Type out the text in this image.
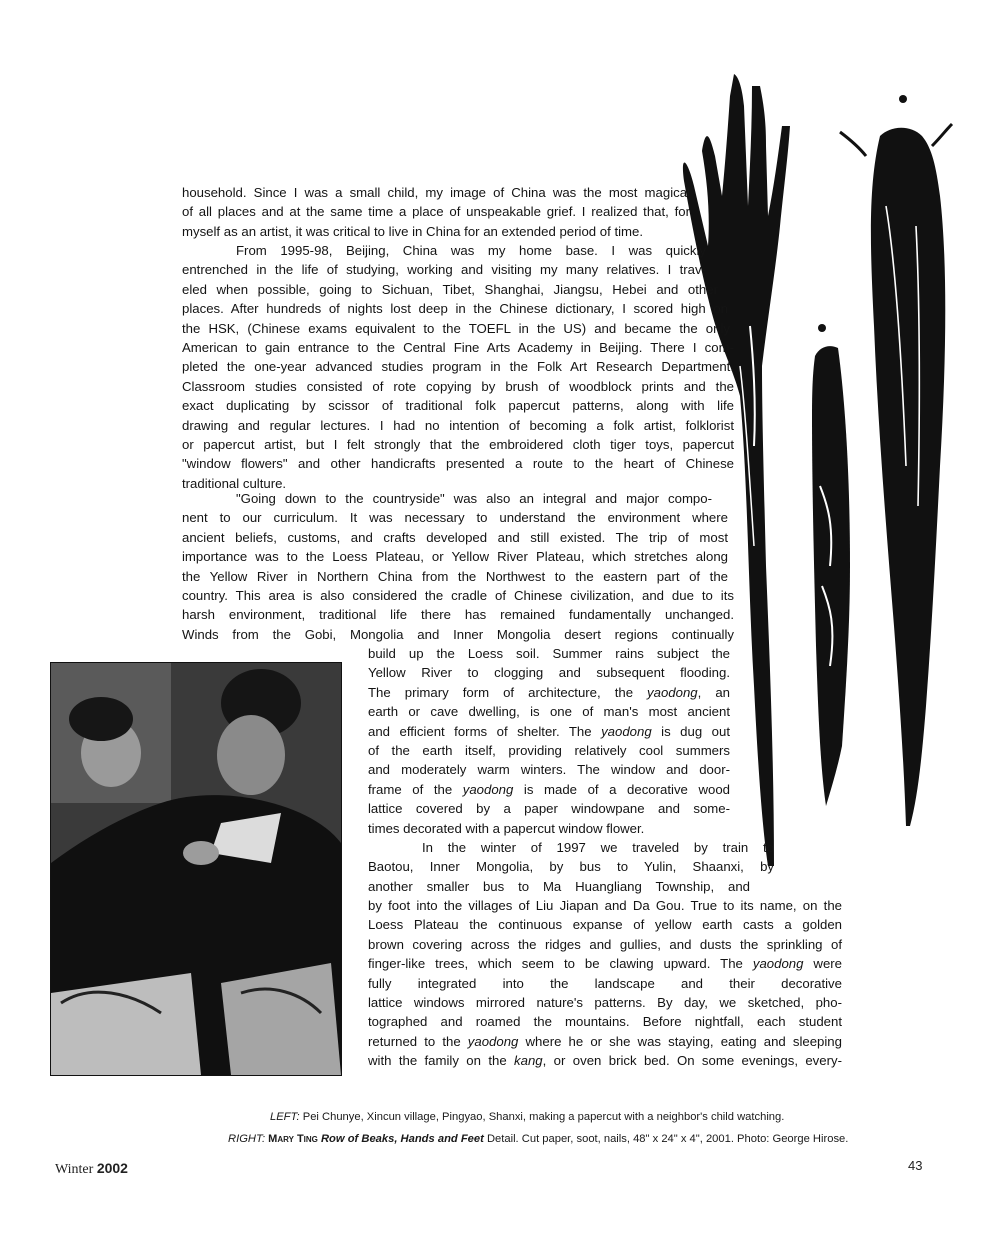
household. Since I was a small child, my image of China was the most magical
of all places and at the same time a place of unspeakable grief. I realized that, for
myself as an artist, it was critical to live in China for an extended period of time.

From 1995-98, Beijing, China was my home base. I was quickly
entrenched in the life of studying, working and visiting my many relatives. I trav-
eled when possible, going to Sichuan, Tibet, Shanghai, Jiangsu, Hebei and other
places. After hundreds of nights lost deep in the Chinese dictionary, I scored high on
the HSK, (Chinese exams equivalent to the TOEFL in the US) and became the only
American to gain entrance to the Central Fine Arts Academy in Beijing. There I com-
pleted the one-year advanced studies program in the Folk Art Research Department.
Classroom studies consisted of rote copying by brush of woodblock prints and the
exact duplicating by scissor of traditional folk papercut patterns, along with life
drawing and regular lectures. I had no intention of becoming a folk artist, folklorist
or papercut artist, but I felt strongly that the embroidered cloth tiger toys, papercut
"window flowers" and other handicrafts presented a route to the heart of Chinese
traditional culture.

"Going down to the countryside" was also an integral and major compo-
nent to our curriculum. It was necessary to understand the environment where
ancient beliefs, customs, and crafts developed and still existed. The trip of most
importance was to the Loess Plateau, or Yellow River Plateau, which stretches along
the Yellow River in Northern China from the Northwest to the eastern part of the
country. This area is also considered the cradle of Chinese civilization, and due to its
harsh environment, traditional life there has remained fundamentally unchanged.
Winds from the Gobi, Mongolia and Inner Mongolia desert regions continually

build up the Loess soil. Summer rains subject the
Yellow River to clogging and subsequent flooding.
The primary form of architecture, the yaodong, an
earth or cave dwelling, is one of man's most ancient
and efficient forms of shelter. The yaodong is dug out
of the earth itself, providing relatively cool summers
and moderately warm winters. The window and door-
frame of the yaodong is made of a decorative wood
lattice covered by a paper windowpane and some-
times decorated with a papercut window flower.

In the winter of 1997 we traveled by train to
Baotou, Inner Mongolia, by bus to Yulin, Shaanxi, by
another smaller bus to Ma Huangliang Township, and

by foot into the villages of Liu Jiapan and Da Gou. True to its name, on the
Loess Plateau the continuous expanse of yellow earth casts a golden
brown covering across the ridges and gullies, and dusts the sprinkling of
finger-like trees, which seem to be clawing upward. The yaodong were
fully integrated into the landscape and their decorative
lattice windows mirrored nature's patterns. By day, we sketched, pho-
tographed and roamed the mountains. Before nightfall, each student
returned to the yaodong where he or she was staying, eating and sleeping
with the family on the kang, or oven brick bed. On some evenings, every-

LEFT: Pei Chunye, Xincun village, Pingyao, Shanxi, making a papercut with a neighbor's child watching.
RIGHT: Mary Ting Row of Beaks, Hands and Feet Detail. Cut paper, soot, nails, 48" x 24" x 4", 2001. Photo: George Hirose.
Winter 2002	43
